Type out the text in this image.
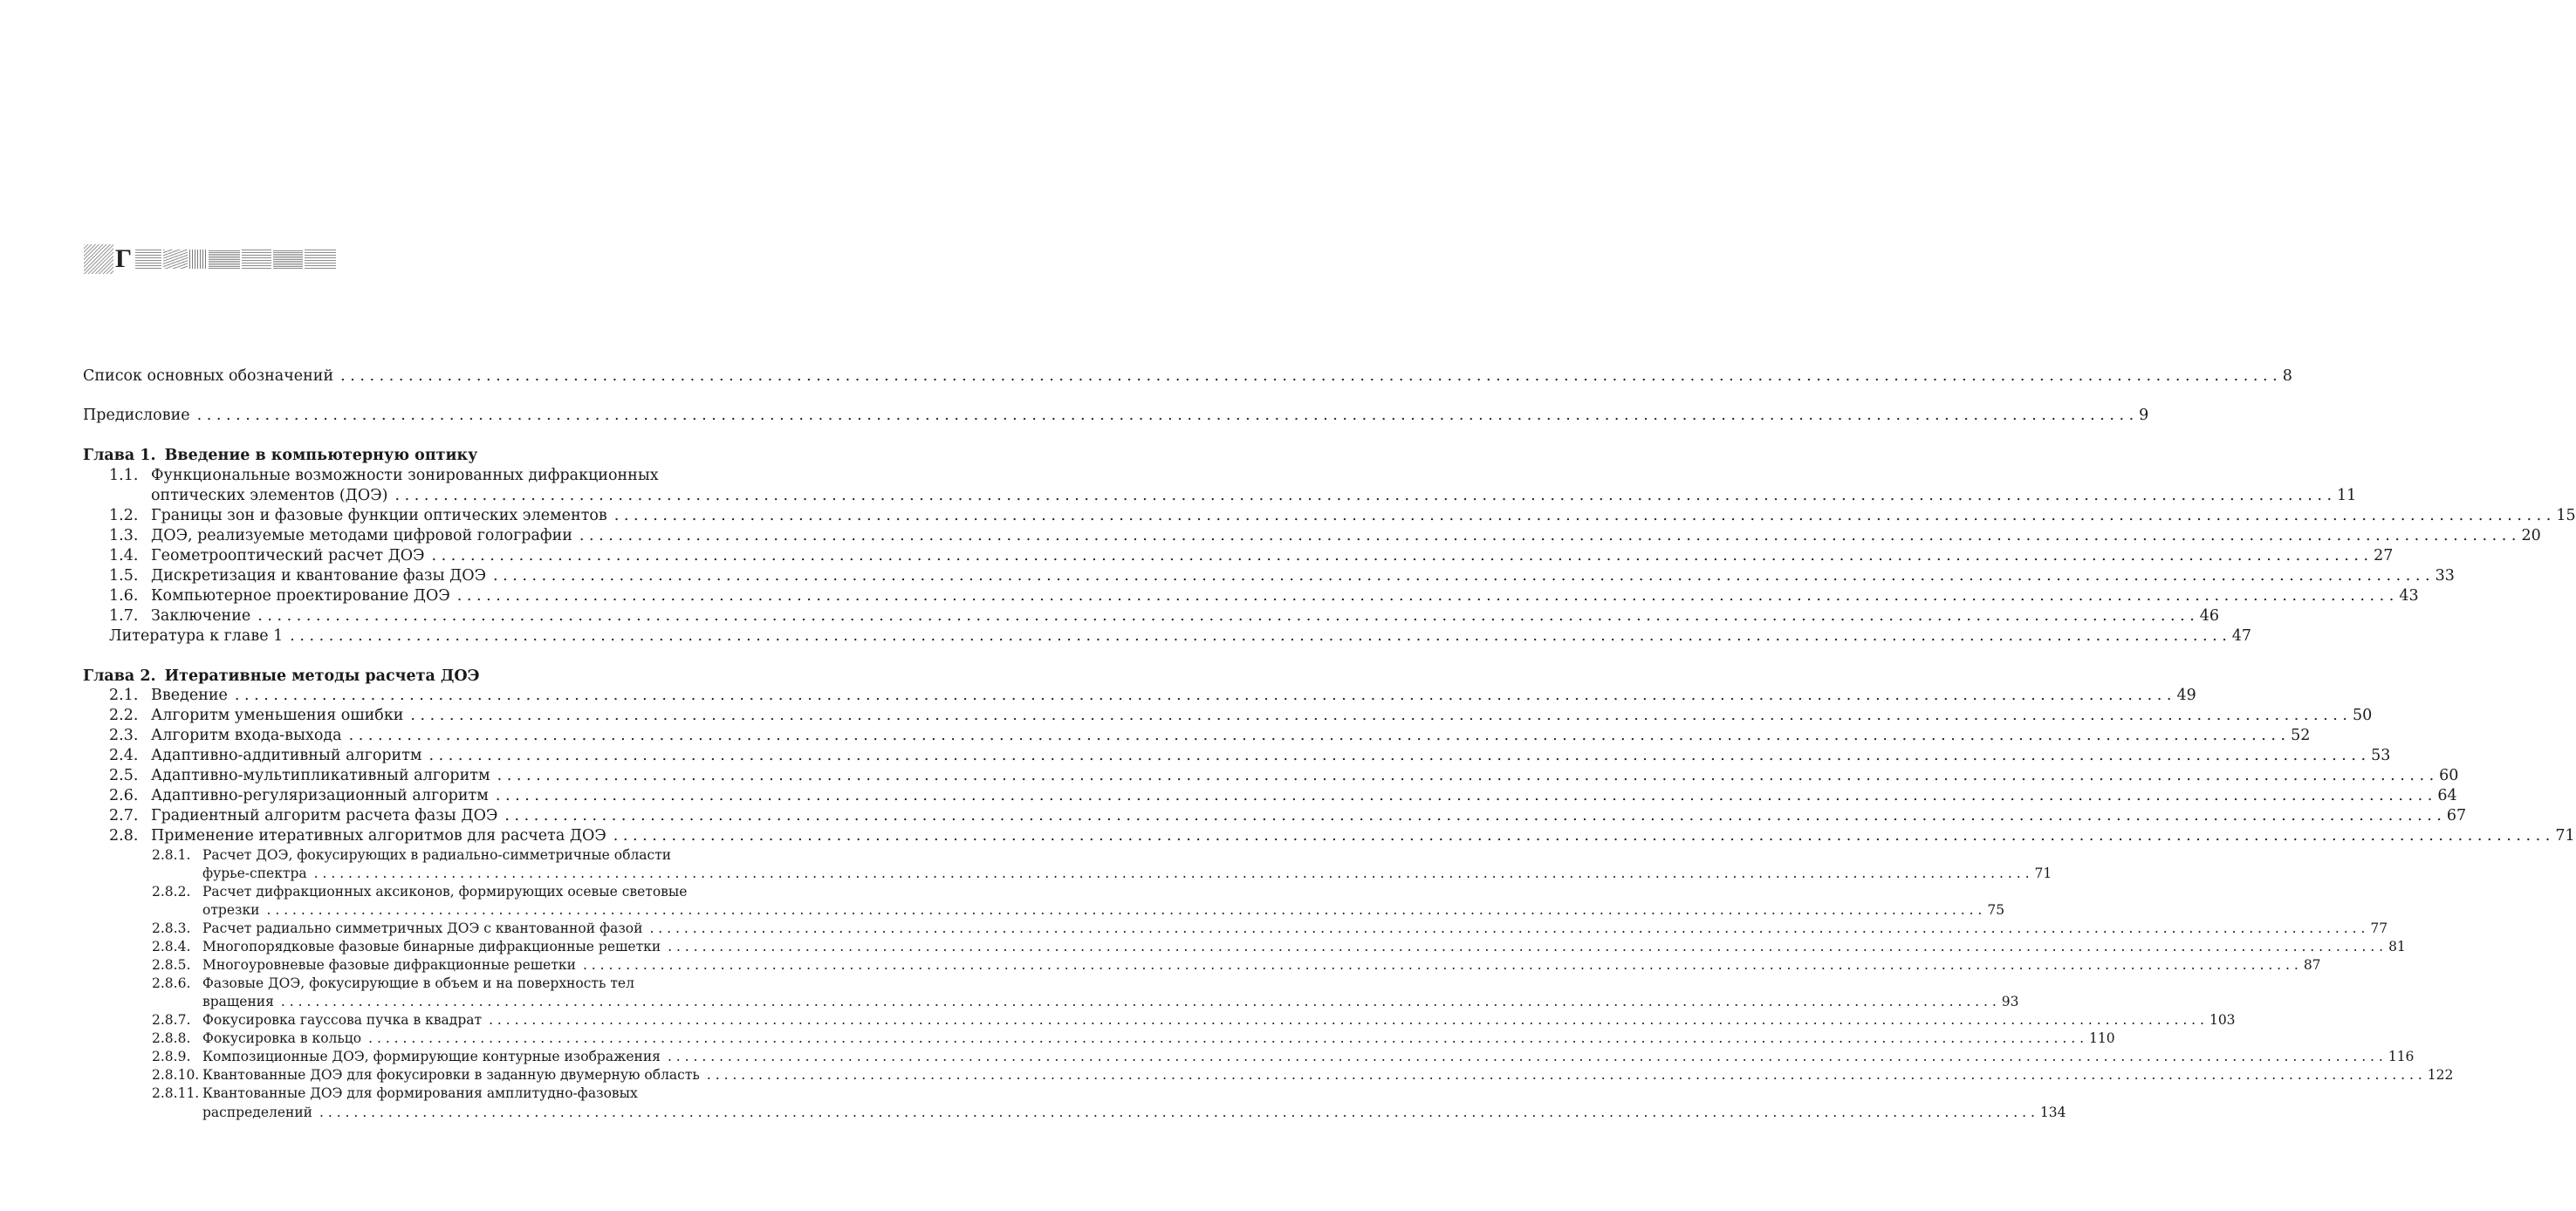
Г
Список основных обозначений . . . . . . . . . . . . . . . . . . . . . . . . . . . . . . . . . . . . . . . . . . . . . . . . . . . . . . . . . . . . . . . . . . . . . . . . . . . . . . . . . . . . . . . . . . . . . . . . . . . . . . . . . . . . . . . . . . . . . . . . . . . . . . . . . . . . . . . . . . . . . . . . . . . . . . . . . . . . . . . . . . . . . . . . . . . . . . . . . . . . . . . . . . . . . . . . . . . . . . . . 8
Предисловие . . . . . . . . . . . . . . . . . . . . . . . . . . . . . . . . . . . . . . . . . . . . . . . . . . . . . . . . . . . . . . . . . . . . . . . . . . . . . . . . . . . . . . . . . . . . . . . . . . . . . . . . . . . . . . . . . . . . . . . . . . . . . . . . . . . . . . . . . . . . . . . . . . . . . . . . . . . . . . . . . . . . . . . . . . . . . . . . . . . . . . . . . . . . . . . . . . . . . . . . 9
Глава 1. Введение в компьютерную оптику
1.1. Функциональные возможности зонированных дифракционных
оптических элементов (ДОЭ) . . . . . . . . . . . . . . . . . . . . . . . . . . . . . . . . . . . . . . . . . . . . . . . . . . . . . . . . . . . . . . . . . . . . . . . . . . . . . . . . . . . . . . . . . . . . . . . . . . . . . . . . . . . . . . . . . . . . . . . . . . . . . . . . . . . . . . . . . . . . . . . . . . . . . . . . . . . . . . . . . . . . . . . . . . . . . . . . . . . . . . . . . . . . . . . . . . . . . . . . 11
1.2. Границы зон и фазовые функции оптических элементов . . . . . . . . . . . . . . . . . . . . . . . . . . . . . . . . . . . . . . . . . . . . . . . . . . . . . . . . . . . . . . . . . . . . . . . . . . . . . . . . . . . . . . . . . . . . . . . . . . . . . . . . . . . . . . . . . . . . . . . . . . . . . . . . . . . . . . . . . . . . . . . . . . . . . . . . . . . . . . . . . . . . . . . . . . . . . . . . . . . . . . . . . . . . . . . . . . . . . . . . 15
1.3. ДОЭ, реализуемые методами цифровой голографии . . . . . . . . . . . . . . . . . . . . . . . . . . . . . . . . . . . . . . . . . . . . . . . . . . . . . . . . . . . . . . . . . . . . . . . . . . . . . . . . . . . . . . . . . . . . . . . . . . . . . . . . . . . . . . . . . . . . . . . . . . . . . . . . . . . . . . . . . . . . . . . . . . . . . . . . . . . . . . . . . . . . . . . . . . . . . . . . . . . . . . . . . . . . . . . . . . . . . . . . 20
1.4. Геометрооптический расчет ДОЭ . . . . . . . . . . . . . . . . . . . . . . . . . . . . . . . . . . . . . . . . . . . . . . . . . . . . . . . . . . . . . . . . . . . . . . . . . . . . . . . . . . . . . . . . . . . . . . . . . . . . . . . . . . . . . . . . . . . . . . . . . . . . . . . . . . . . . . . . . . . . . . . . . . . . . . . . . . . . . . . . . . . . . . . . . . . . . . . . . . . . . . . . . . . . . . . . . . . . . . . . 27
1.5. Дискретизация и квантование фазы ДОЭ . . . . . . . . . . . . . . . . . . . . . . . . . . . . . . . . . . . . . . . . . . . . . . . . . . . . . . . . . . . . . . . . . . . . . . . . . . . . . . . . . . . . . . . . . . . . . . . . . . . . . . . . . . . . . . . . . . . . . . . . . . . . . . . . . . . . . . . . . . . . . . . . . . . . . . . . . . . . . . . . . . . . . . . . . . . . . . . . . . . . . . . . . . . . . . . . . . . . . . . . 33
1.6. Компьютерное проектирование ДОЭ . . . . . . . . . . . . . . . . . . . . . . . . . . . . . . . . . . . . . . . . . . . . . . . . . . . . . . . . . . . . . . . . . . . . . . . . . . . . . . . . . . . . . . . . . . . . . . . . . . . . . . . . . . . . . . . . . . . . . . . . . . . . . . . . . . . . . . . . . . . . . . . . . . . . . . . . . . . . . . . . . . . . . . . . . . . . . . . . . . . . . . . . . . . . . . . . . . . . . . . . 43
1.7. Заключение . . . . . . . . . . . . . . . . . . . . . . . . . . . . . . . . . . . . . . . . . . . . . . . . . . . . . . . . . . . . . . . . . . . . . . . . . . . . . . . . . . . . . . . . . . . . . . . . . . . . . . . . . . . . . . . . . . . . . . . . . . . . . . . . . . . . . . . . . . . . . . . . . . . . . . . . . . . . . . . . . . . . . . . . . . . . . . . . . . . . . . . . . . . . . . . . . . . . . . . . 46
Литература к главе 1 . . . . . . . . . . . . . . . . . . . . . . . . . . . . . . . . . . . . . . . . . . . . . . . . . . . . . . . . . . . . . . . . . . . . . . . . . . . . . . . . . . . . . . . . . . . . . . . . . . . . . . . . . . . . . . . . . . . . . . . . . . . . . . . . . . . . . . . . . . . . . . . . . . . . . . . . . . . . . . . . . . . . . . . . . . . . . . . . . . . . . . . . . . . . . . . . . . . . . . . . 47
Глава 2. Итеративные методы расчета ДОЭ
2.1. Введение . . . . . . . . . . . . . . . . . . . . . . . . . . . . . . . . . . . . . . . . . . . . . . . . . . . . . . . . . . . . . . . . . . . . . . . . . . . . . . . . . . . . . . . . . . . . . . . . . . . . . . . . . . . . . . . . . . . . . . . . . . . . . . . . . . . . . . . . . . . . . . . . . . . . . . . . . . . . . . . . . . . . . . . . . . . . . . . . . . . . . . . . . . . . . . . . . . . . . . . . 49
2.2. Алгоритм уменьшения ошибки . . . . . . . . . . . . . . . . . . . . . . . . . . . . . . . . . . . . . . . . . . . . . . . . . . . . . . . . . . . . . . . . . . . . . . . . . . . . . . . . . . . . . . . . . . . . . . . . . . . . . . . . . . . . . . . . . . . . . . . . . . . . . . . . . . . . . . . . . . . . . . . . . . . . . . . . . . . . . . . . . . . . . . . . . . . . . . . . . . . . . . . . . . . . . . . . . . . . . . . . 50
2.3. Алгоритм входа-выхода . . . . . . . . . . . . . . . . . . . . . . . . . . . . . . . . . . . . . . . . . . . . . . . . . . . . . . . . . . . . . . . . . . . . . . . . . . . . . . . . . . . . . . . . . . . . . . . . . . . . . . . . . . . . . . . . . . . . . . . . . . . . . . . . . . . . . . . . . . . . . . . . . . . . . . . . . . . . . . . . . . . . . . . . . . . . . . . . . . . . . . . . . . . . . . . . . . . . . . . . 52
2.4. Адаптивно-аддитивный алгоритм . . . . . . . . . . . . . . . . . . . . . . . . . . . . . . . . . . . . . . . . . . . . . . . . . . . . . . . . . . . . . . . . . . . . . . . . . . . . . . . . . . . . . . . . . . . . . . . . . . . . . . . . . . . . . . . . . . . . . . . . . . . . . . . . . . . . . . . . . . . . . . . . . . . . . . . . . . . . . . . . . . . . . . . . . . . . . . . . . . . . . . . . . . . . . . . . . . . . . . . . 53
2.5. Адаптивно-мультипликативный алгоритм . . . . . . . . . . . . . . . . . . . . . . . . . . . . . . . . . . . . . . . . . . . . . . . . . . . . . . . . . . . . . . . . . . . . . . . . . . . . . . . . . . . . . . . . . . . . . . . . . . . . . . . . . . . . . . . . . . . . . . . . . . . . . . . . . . . . . . . . . . . . . . . . . . . . . . . . . . . . . . . . . . . . . . . . . . . . . . . . . . . . . . . . . . . . . . . . . . . . . . . . 60
2.6. Адаптивно-регуляризационный алгоритм . . . . . . . . . . . . . . . . . . . . . . . . . . . . . . . . . . . . . . . . . . . . . . . . . . . . . . . . . . . . . . . . . . . . . . . . . . . . . . . . . . . . . . . . . . . . . . . . . . . . . . . . . . . . . . . . . . . . . . . . . . . . . . . . . . . . . . . . . . . . . . . . . . . . . . . . . . . . . . . . . . . . . . . . . . . . . . . . . . . . . . . . . . . . . . . . . . . . . . . . 64
2.7. Градиентный алгоритм расчета фазы ДОЭ . . . . . . . . . . . . . . . . . . . . . . . . . . . . . . . . . . . . . . . . . . . . . . . . . . . . . . . . . . . . . . . . . . . . . . . . . . . . . . . . . . . . . . . . . . . . . . . . . . . . . . . . . . . . . . . . . . . . . . . . . . . . . . . . . . . . . . . . . . . . . . . . . . . . . . . . . . . . . . . . . . . . . . . . . . . . . . . . . . . . . . . . . . . . . . . . . . . . . . . . 67
2.8. Применение итеративных алгоритмов для расчета ДОЭ . . . . . . . . . . . . . . . . . . . . . . . . . . . . . . . . . . . . . . . . . . . . . . . . . . . . . . . . . . . . . . . . . . . . . . . . . . . . . . . . . . . . . . . . . . . . . . . . . . . . . . . . . . . . . . . . . . . . . . . . . . . . . . . . . . . . . . . . . . . . . . . . . . . . . . . . . . . . . . . . . . . . . . . . . . . . . . . . . . . . . . . . . . . . . . . . . . . . . . . . 71
2.8.1. Расчет ДОЭ, фокусирующих в радиально-симметричные области
фурье-спектра . . . . . . . . . . . . . . . . . . . . . . . . . . . . . . . . . . . . . . . . . . . . . . . . . . . . . . . . . . . . . . . . . . . . . . . . . . . . . . . . . . . . . . . . . . . . . . . . . . . . . . . . . . . . . . . . . . . . . . . . . . . . . . . . . . . . . . . . . . . . . . . . . . . . . . . . . . . . . . . . . . . . . . . . . . . . . . . . . . . . . . . . . . . . . . . . . . . . . . . . 71
2.8.2. Расчет дифракционных аксиконов, формирующих осевые световые
отрезки . . . . . . . . . . . . . . . . . . . . . . . . . . . . . . . . . . . . . . . . . . . . . . . . . . . . . . . . . . . . . . . . . . . . . . . . . . . . . . . . . . . . . . . . . . . . . . . . . . . . . . . . . . . . . . . . . . . . . . . . . . . . . . . . . . . . . . . . . . . . . . . . . . . . . . . . . . . . . . . . . . . . . . . . . . . . . . . . . . . . . . . . . . . . . . . . . . . . . . . . 75
2.8.3. Расчет радиально симметричных ДОЭ с квантованной фазой . . . . . . . . . . . . . . . . . . . . . . . . . . . . . . . . . . . . . . . . . . . . . . . . . . . . . . . . . . . . . . . . . . . . . . . . . . . . . . . . . . . . . . . . . . . . . . . . . . . . . . . . . . . . . . . . . . . . . . . . . . . . . . . . . . . . . . . . . . . . . . . . . . . . . . . . . . . . . . . . . . . . . . . . . . . . . . . . . . . . . . . . . . . . . . . . . . . . . . . . 77
2.8.4. Многопорядковые фазовые бинарные дифракционные решетки . . . . . . . . . . . . . . . . . . . . . . . . . . . . . . . . . . . . . . . . . . . . . . . . . . . . . . . . . . . . . . . . . . . . . . . . . . . . . . . . . . . . . . . . . . . . . . . . . . . . . . . . . . . . . . . . . . . . . . . . . . . . . . . . . . . . . . . . . . . . . . . . . . . . . . . . . . . . . . . . . . . . . . . . . . . . . . . . . . . . . . . . . . . . . . . . . . . . . . . . 81
2.8.5. Многоуровневые фазовые дифракционные решетки . . . . . . . . . . . . . . . . . . . . . . . . . . . . . . . . . . . . . . . . . . . . . . . . . . . . . . . . . . . . . . . . . . . . . . . . . . . . . . . . . . . . . . . . . . . . . . . . . . . . . . . . . . . . . . . . . . . . . . . . . . . . . . . . . . . . . . . . . . . . . . . . . . . . . . . . . . . . . . . . . . . . . . . . . . . . . . . . . . . . . . . . . . . . . . . . . . . . . . . . 87
2.8.6. Фазовые ДОЭ, фокусирующие в объем и на поверхность тел
вращения . . . . . . . . . . . . . . . . . . . . . . . . . . . . . . . . . . . . . . . . . . . . . . . . . . . . . . . . . . . . . . . . . . . . . . . . . . . . . . . . . . . . . . . . . . . . . . . . . . . . . . . . . . . . . . . . . . . . . . . . . . . . . . . . . . . . . . . . . . . . . . . . . . . . . . . . . . . . . . . . . . . . . . . . . . . . . . . . . . . . . . . . . . . . . . . . . . . . . . . . 93
2.8.7. Фокусировка гауссова пучка в квадрат . . . . . . . . . . . . . . . . . . . . . . . . . . . . . . . . . . . . . . . . . . . . . . . . . . . . . . . . . . . . . . . . . . . . . . . . . . . . . . . . . . . . . . . . . . . . . . . . . . . . . . . . . . . . . . . . . . . . . . . . . . . . . . . . . . . . . . . . . . . . . . . . . . . . . . . . . . . . . . . . . . . . . . . . . . . . . . . . . . . . . . . . . . . . . . . . . . . . . . . . 103
2.8.8. Фокусировка в кольцо . . . . . . . . . . . . . . . . . . . . . . . . . . . . . . . . . . . . . . . . . . . . . . . . . . . . . . . . . . . . . . . . . . . . . . . . . . . . . . . . . . . . . . . . . . . . . . . . . . . . . . . . . . . . . . . . . . . . . . . . . . . . . . . . . . . . . . . . . . . . . . . . . . . . . . . . . . . . . . . . . . . . . . . . . . . . . . . . . . . . . . . . . . . . . . . . . . . . . . . . 110
2.8.9. Композиционные ДОЭ, формирующие контурные изображения . . . . . . . . . . . . . . . . . . . . . . . . . . . . . . . . . . . . . . . . . . . . . . . . . . . . . . . . . . . . . . . . . . . . . . . . . . . . . . . . . . . . . . . . . . . . . . . . . . . . . . . . . . . . . . . . . . . . . . . . . . . . . . . . . . . . . . . . . . . . . . . . . . . . . . . . . . . . . . . . . . . . . . . . . . . . . . . . . . . . . . . . . . . . . . . . . . . . . . . . 116
2.8.10. Квантованные ДОЭ для фокусировки в заданную двумерную область . . . . . . . . . . . . . . . . . . . . . . . . . . . . . . . . . . . . . . . . . . . . . . . . . . . . . . . . . . . . . . . . . . . . . . . . . . . . . . . . . . . . . . . . . . . . . . . . . . . . . . . . . . . . . . . . . . . . . . . . . . . . . . . . . . . . . . . . . . . . . . . . . . . . . . . . . . . . . . . . . . . . . . . . . . . . . . . . . . . . . . . . . . . . . . . . . . . . . . . . 122
2.8.11. Квантованные ДОЭ для формирования амплитудно-фазовых
распределений . . . . . . . . . . . . . . . . . . . . . . . . . . . . . . . . . . . . . . . . . . . . . . . . . . . . . . . . . . . . . . . . . . . . . . . . . . . . . . . . . . . . . . . . . . . . . . . . . . . . . . . . . . . . . . . . . . . . . . . . . . . . . . . . . . . . . . . . . . . . . . . . . . . . . . . . . . . . . . . . . . . . . . . . . . . . . . . . . . . . . . . . . . . . . . . . . . . . . . . . 134
